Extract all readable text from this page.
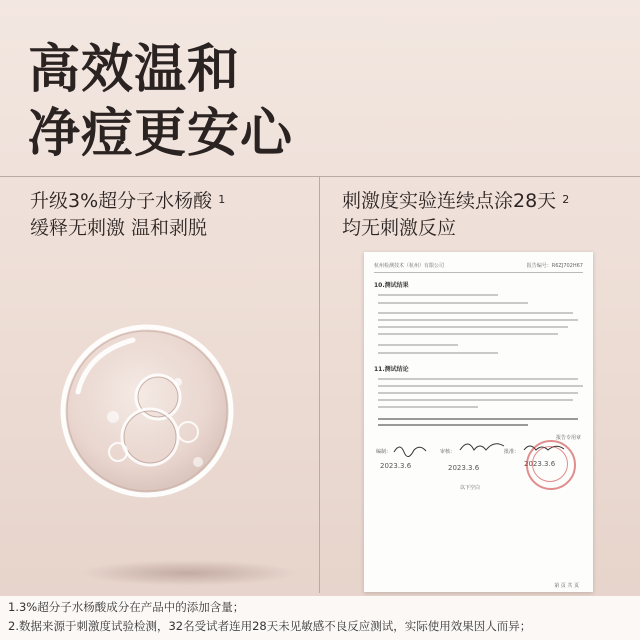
高效温和
净痘更安心
升级3%超分子水杨酸 $^1$
缓释无刺激 温和剥脱
刺激度实验连续点涂28天 $^2$
均无刺激反应
杭州检测技术（杭州）有限公司	报告编号：R6ZJ702H67
10.测试结果
11.测试结论
报告专用章
编制：	审核：	批准：
2023.3.6	2023.3.6	2023.3.6
以下空白
第 页 共 页
1.3%超分子水杨酸成分在产品中的添加含量；
2.数据来源于刺激度试验检测，32名受试者连用28天未见敏感不良反应测试，实际使用效果因人而异；
